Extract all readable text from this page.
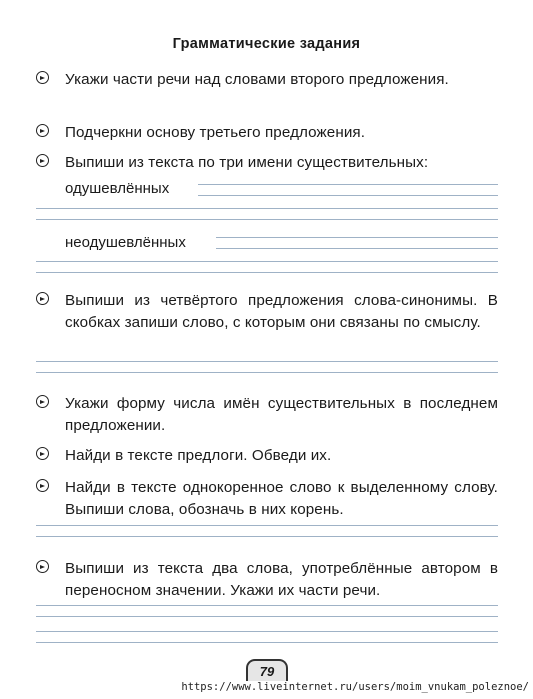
Грамматические задания
Укажи части речи над словами второго предложения.
Подчеркни основу третьего предложения.
Выпиши из текста по три имени существительных:
одушевлённых
неодушевлённых
Выпиши из четвёртого предложения слова-синонимы. В скобках запиши слово, с которым они связаны по смыслу.
Укажи форму числа имён существительных в последнем предложении.
Найди в тексте предлоги. Обведи их.
Найди в тексте однокоренное слово к выделенному слову. Выпиши слова, обозначь в них корень.
Выпиши из текста два слова, употреблённые автором в переносном значении. Укажи их части речи.
79
https://www.liveinternet.ru/users/moim_vnukam_poleznoe/
